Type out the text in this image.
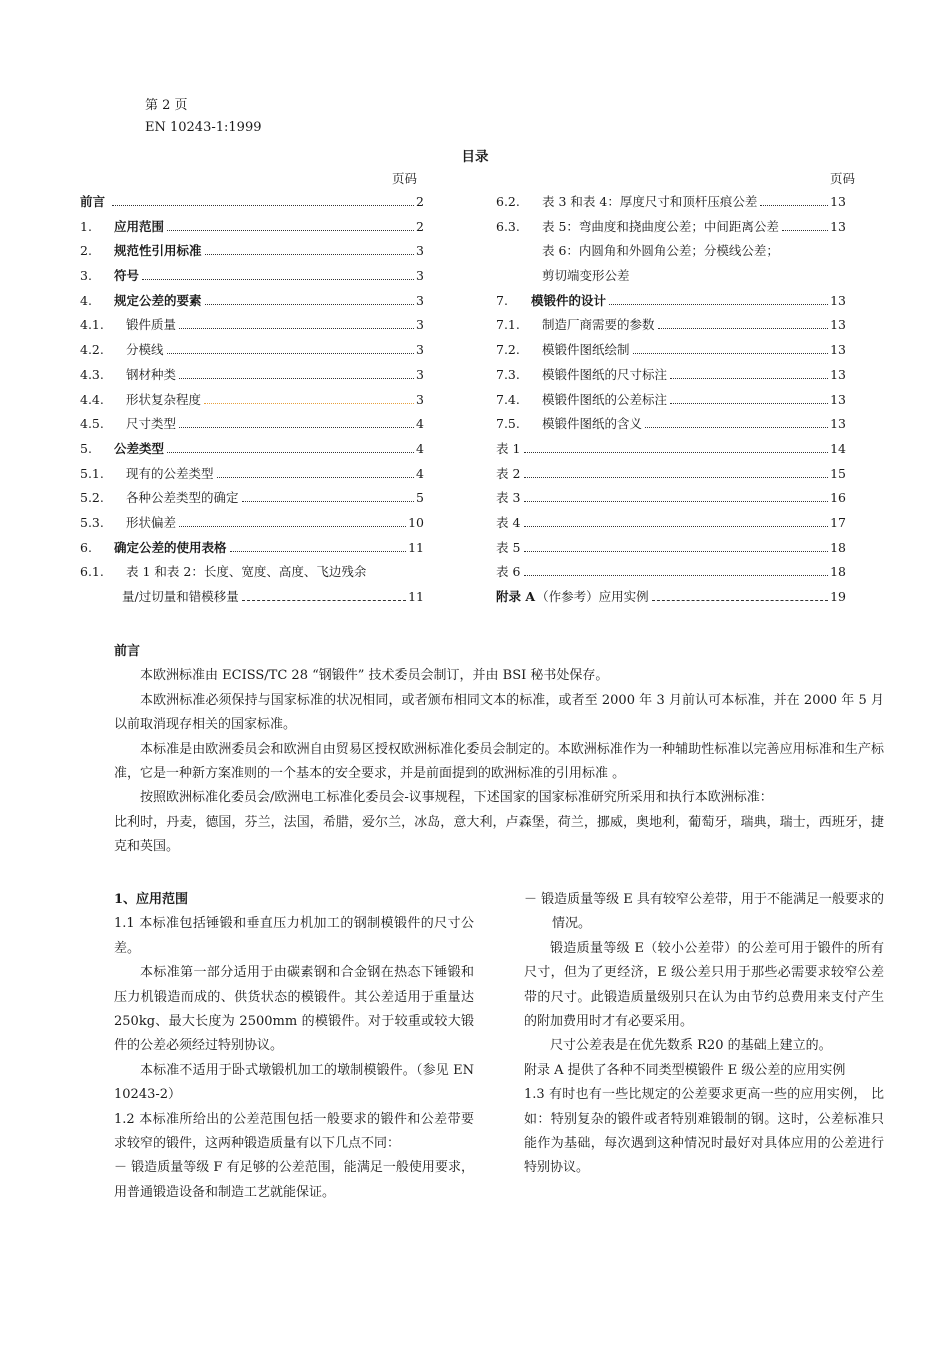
第 2 页
EN 10243-1:1999
目录
页码	页码
前言	2
1. 应用范围	2
2. 规范性引用标准	3
3. 符号	3
4. 规定公差的要素	3
4.1. 锻件质量	3
4.2. 分模线	3
4.3. 钢材种类	3
4.4. 形状复杂程度	3
4.5. 尺寸类型	4
5. 公差类型	4
5.1. 现有的公差类型	4
5.2. 各种公差类型的确定	5
5.3. 形状偏差	10
6. 确定公差的使用表格	11
6.1. 表 1 和表 2：长度、宽度、高度、飞边残余
量/过切量和错模移量	11
6.2. 表 3 和表 4：厚度尺寸和顶杆压痕公差	13
6.3. 表 5：弯曲度和挠曲度公差；中间距离公差	13
表 6：内圆角和外圆角公差；分模线公差；
剪切端变形公差
7. 模锻件的设计	13
7.1. 制造厂商需要的参数	13
7.2. 模锻件图纸绘制	13
7.3. 模锻件图纸的尺寸标注	13
7.4. 模锻件图纸的公差标注	13
7.5. 模锻件图纸的含义	13
表 1	14
表 2	15
表 3	16
表 4	17
表 5	18
表 6	18
附录 A （作参考）应用实例	19

前言

本欧洲标准由 ECISS/TC 28 “钢锻件” 技术委员会制订，并由 BSI 秘书处保存。

本欧洲标准必须保持与国家标准的状况相同，或者颁布相同文本的标准，或者至 2000 年 3 月前认可本标准，并在 2000 年 5 月以前取消现存相关的国家标准。

本标准是由欧洲委员会和欧洲自由贸易区授权欧洲标准化委员会制定的。本欧洲标准作为一种辅助性标准以完善应用标准和生产标准，它是一种新方案准则的一个基本的安全要求，并是前面提到的欧洲标准的引用标准 。

按照欧洲标准化委员会/欧洲电工标准化委员会-议事规程，下述国家的国家标准研究所采用和执行本欧洲标准：

比利时，丹麦，德国，芬兰，法国，希腊，爱尔兰，冰岛，意大利，卢森堡，荷兰，挪威，奥地利，葡萄牙，瑞典，瑞士，西班牙，捷克和英国。

1、应用范围

1.1 本标准包括锤锻和垂直压力机加工的钢制模锻件的尺寸公差。

本标准第一部分适用于由碳素钢和合金钢在热态下锤锻和压力机锻造而成的、供货状态的模锻件。其公差适用于重量达 250kg、最大长度为 2500mm 的模锻件。对于较重或较大锻件的公差必须经过特别协议。

本标准不适用于卧式墩锻机加工的墩制模锻件。（参见 EN 10243-2）

1.2 本标准所给出的公差范围包括一般要求的锻件和公差带要求较窄的锻件，这两种锻造质量有以下几点不同：

－ 锻造质量等级 F 有足够的公差范围，能满足一般使用要求， 用普通锻造设备和制造工艺就能保证。

－ 锻造质量等级 E 具有较窄公差带，用于不能满足一般要求的情况。

锻造质量等级 E（较小公差带）的公差可用于锻件的所有尺寸，但为了更经济，E 级公差只用于那些必需要求较窄公差带的尺寸。此锻造质量级别只在认为由节约总费用来支付产生的附加费用时才有必要采用。

尺寸公差表是在优先数系 R20 的基础上建立的。

附录 A 提供了各种不同类型模锻件 E 级公差的应用实例

1.3 有时也有一些比规定的公差要求更高一些的应用实例， 比如：特别复杂的锻件或者特别难锻制的钢。这时，公差标准只能作为基础，每次遇到这种情况时最好对具体应用的公差进行特别协议。
